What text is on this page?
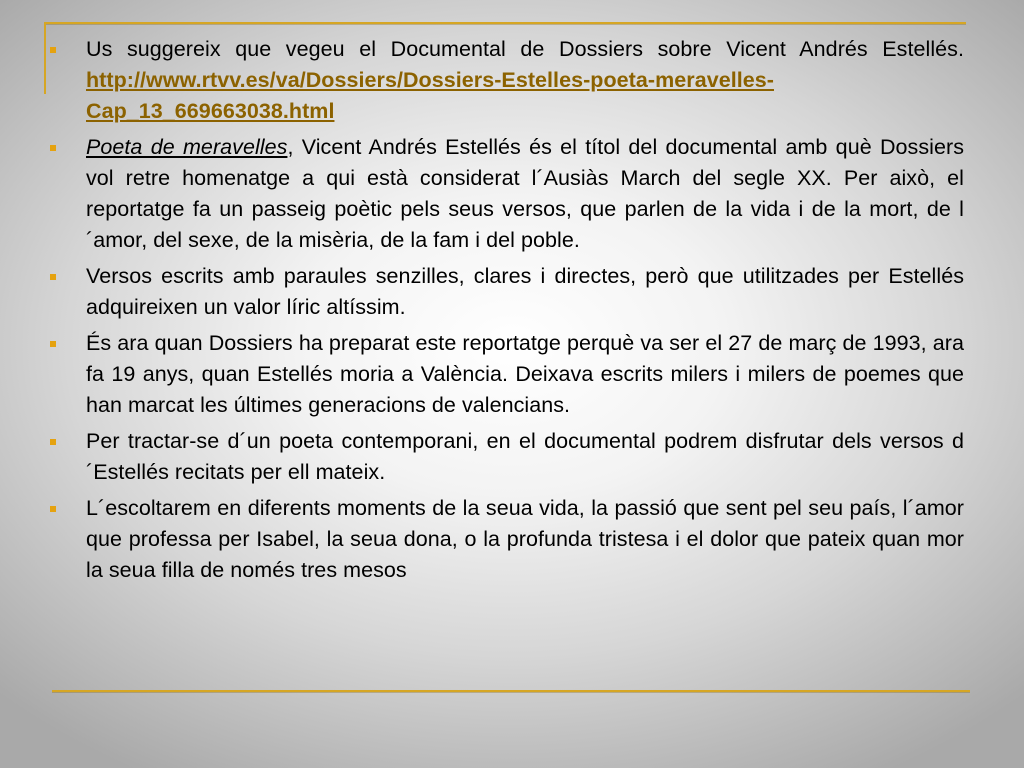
Us suggereix que vegeu el Documental de Dossiers sobre Vicent Andrés Estellés. http://www.rtvv.es/va/Dossiers/Dossiers-Estelles-poeta-meravelles-Cap_13_669663038.html
Poeta de meravelles, Vicent Andrés Estellés és el títol del documental amb què Dossiers vol retre homenatge a qui està considerat l´Ausiàs March del segle XX. Per això, el reportatge fa un passeig poètic pels seus versos, que parlen de la vida i de la mort, de l´amor, del sexe, de la misèria, de la fam i del poble.
Versos escrits amb paraules senzilles, clares i directes, però que utilitzades per Estellés adquireixen un valor líric altíssim.
És ara quan Dossiers ha preparat este reportatge perquè va ser el 27 de març de 1993, ara fa 19 anys, quan Estellés moria a València. Deixava escrits milers i milers de poemes que han marcat les últimes generacions de valencians.
Per tractar-se d´un poeta contemporani, en el documental podrem disfrutar dels versos d´Estellés recitats per ell mateix.
L´escoltarem en diferents moments de la seua vida, la passió que sent pel seu país, l´amor que professa per Isabel, la seua dona, o la profunda tristesa i el dolor que pateix quan mor la seua filla de només tres mesos
